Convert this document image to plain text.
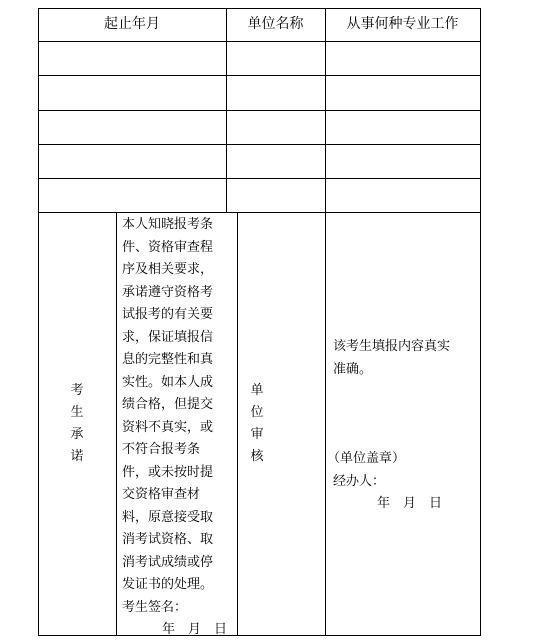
起止年月	单位名称	从事何种专业工作
考
生
承
诺
本人知晓报考条
件、资格审查程
序及相关要求，
承诺遵守资格考
试报考的有关要
求，保证填报信
息的完整性和真
实性。如本人成
绩合格，但提交
资料不真实，或
不符合报考条
件，或未按时提
交资格审查材
料，原意接受取
消考试资格、取
消考试成绩或停
发证书的处理。
考生签名：
年　月　日
单
位
审
核
该考生填报内容真实
准确。
（单位盖章）
经办人：
年　月　日
